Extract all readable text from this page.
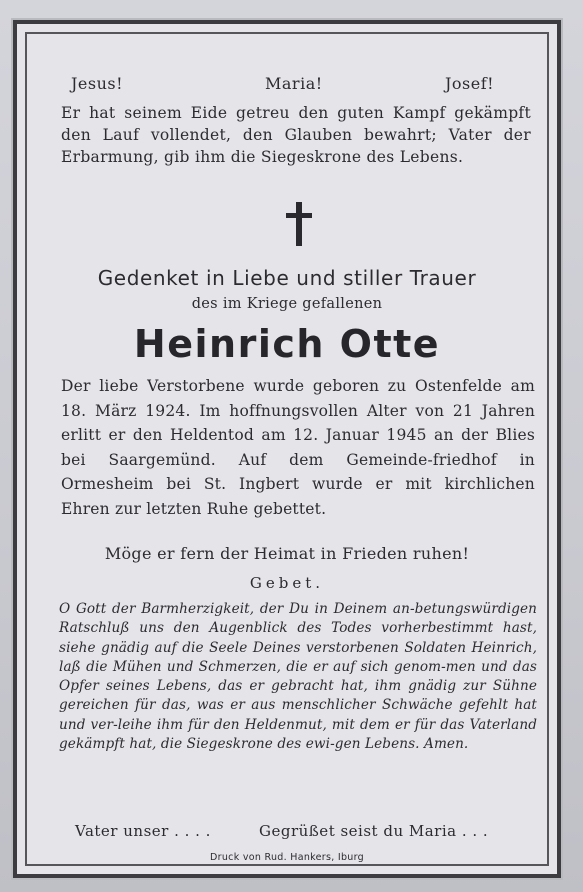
Jesus!	Maria!	Josef!
Er hat seinem Eide getreu den guten Kampf gekämpft den Lauf vollendet, den Glauben bewahrt; Vater der Erbarmung, gib ihm die Siegeskrone des Lebens.
Gedenket in Liebe und stiller Trauer
des im Kriege gefallenen
Heinrich Otte
Der liebe Verstorbene wurde geboren zu Ostenfelde am 18. März 1924. Im hoffnungsvollen Alter von 21 Jahren erlitt er den Heldentod am 12. Januar 1945 an der Blies bei Saargemünd. Auf dem Gemeinde-friedhof in Ormesheim bei St. Ingbert wurde er mit kirchlichen Ehren zur letzten Ruhe gebettet.
Möge er fern der Heimat in Frieden ruhen!
Gebet.
O Gott der Barmherzigkeit, der Du in Deinem an-betungswürdigen Ratschluß uns den Augenblick des Todes vorherbestimmt hast, siehe gnädig auf die Seele Deines verstorbenen Soldaten Heinrich, laß die Mühen und Schmerzen, die er auf sich genom-men und das Opfer seines Lebens, das er gebracht hat, ihm gnädig zur Sühne gereichen für das, was er aus menschlicher Schwäche gefehlt hat und ver-leihe ihm für den Heldenmut, mit dem er für das Vaterland gekämpft hat, die Siegeskrone des ewi-gen Lebens. Amen.
Vater unser . . . .	Gegrüßet seist du Maria . . .
Druck von Rud. Hankers, Iburg
